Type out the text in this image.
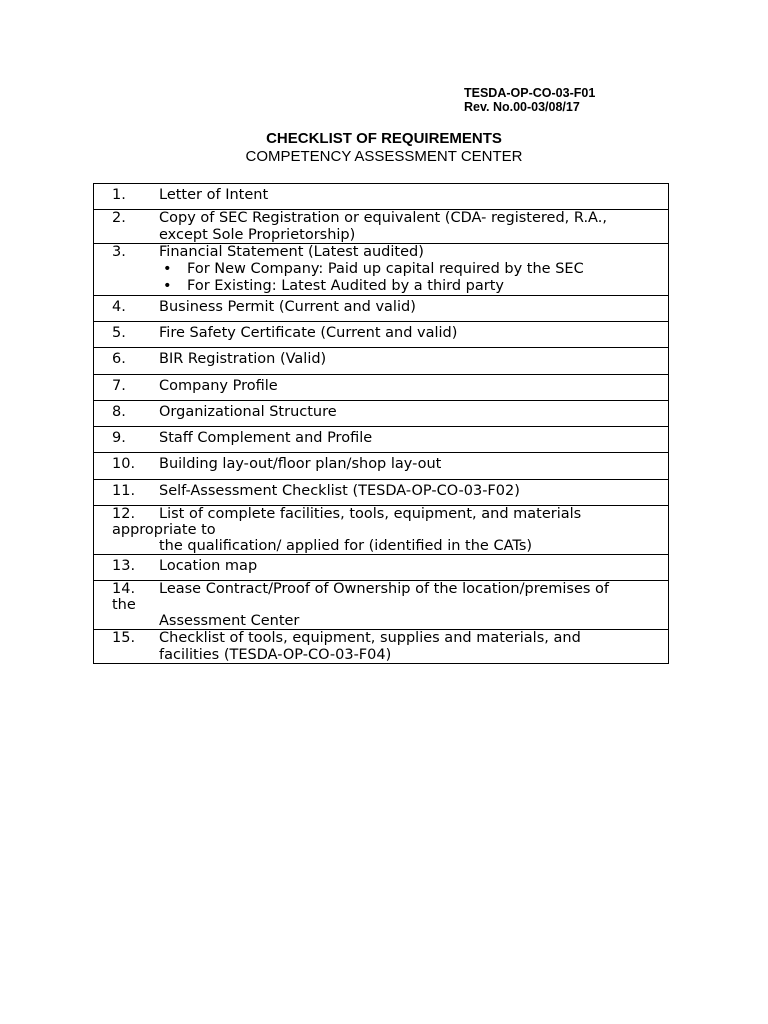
TESDA-OP-CO-03-F01
Rev. No.00-03/08/17
CHECKLIST OF REQUIREMENTS
COMPETENCY ASSESSMENT CENTER
1. Letter of Intent

2. Copy of SEC Registration or equivalent (CDA- registered, R.A.,
except Sole Proprietorship)

3. Financial Statement (Latest audited)
• For New Company: Paid up capital required by the SEC
• For Existing: Latest Audited by a third party

4. Business Permit (Current and valid)

5. Fire Safety Certificate (Current and valid)

6. BIR Registration (Valid)

7. Company Profile

8. Organizational Structure

9. Staff Complement and Profile

10. Building lay-out/floor plan/shop lay-out

11. Self-Assessment Checklist (TESDA-OP-CO-03-F02)

12. List of complete facilities, tools, equipment, and materials
appropriate to
the qualification/ applied for (identified in the CATs)

13. Location map

14. Lease Contract/Proof of Ownership of the location/premises of
the
Assessment Center

15. Checklist of tools, equipment, supplies and materials, and
facilities (TESDA-OP-CO-03-F04)
